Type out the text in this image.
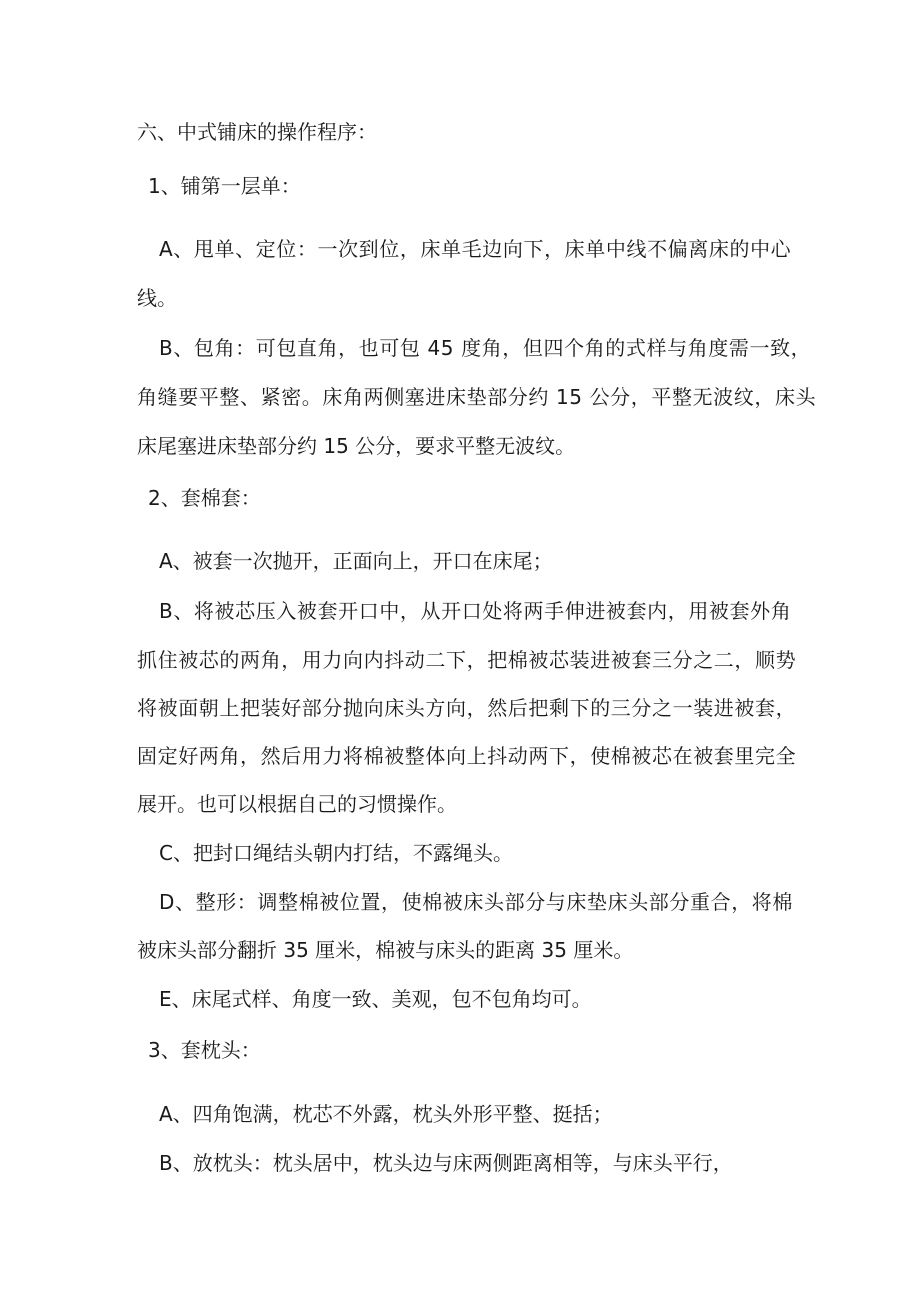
六、中式铺床的操作程序：
1、铺第一层单：
A、甩单、定位：一次到位，床单毛边向下，床单中线不偏离床的中心
线。
B、包角：可包直角，也可包 45 度角，但四个角的式样与角度需一致，
角缝要平整、紧密。床角两侧塞进床垫部分约 15 公分，平整无波纹，床头
床尾塞进床垫部分约 15 公分，要求平整无波纹。
2、套棉套：
A、被套一次抛开，正面向上，开口在床尾；
B、将被芯压入被套开口中，从开口处将两手伸进被套内，用被套外角
抓住被芯的两角，用力向内抖动二下，把棉被芯装进被套三分之二，顺势
将被面朝上把装好部分抛向床头方向，然后把剩下的三分之一装进被套，
固定好两角，然后用力将棉被整体向上抖动两下，使棉被芯在被套里完全
展开。也可以根据自己的习惯操作。
C、把封口绳结头朝内打结，不露绳头。
D、整形：调整棉被位置，使棉被床头部分与床垫床头部分重合，将棉
被床头部分翻折 35 厘米，棉被与床头的距离 35 厘米。
E、床尾式样、角度一致、美观，包不包角均可。
3、套枕头：
A、四角饱满，枕芯不外露，枕头外形平整、挺括；
B、放枕头：枕头居中，枕头边与床两侧距离相等，与床头平行，
